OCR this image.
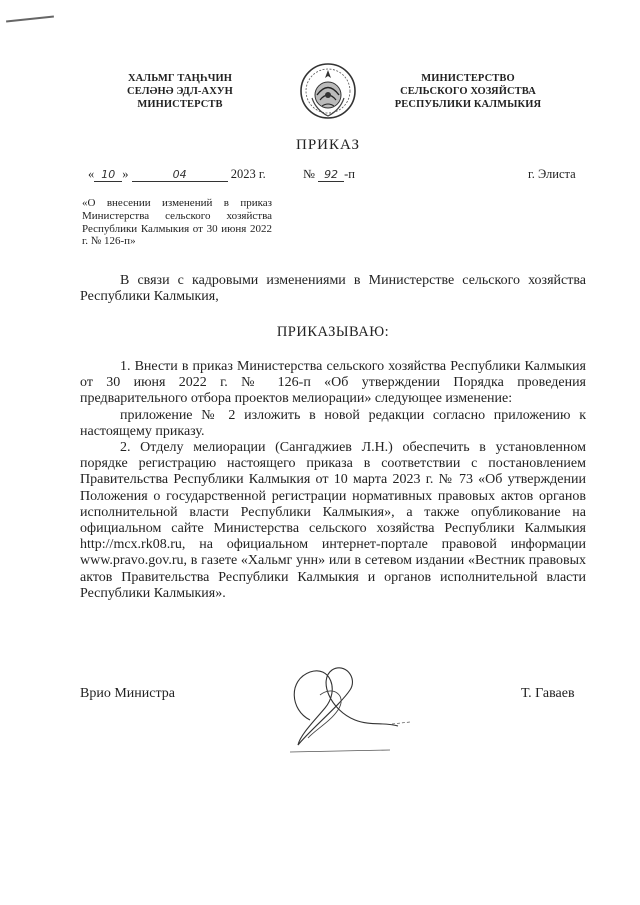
ХАЛЬМГ ТАҢҺЧИН
СЕЛӘНӘ ЭДЛ-АХУН
МИНИСТЕРСТВ
МИНИСТЕРСТВО
СЕЛЬСКОГО ХОЗЯЙСТВА
РЕСПУБЛИКИ КАЛМЫКИЯ
ПРИКАЗ
« 10 »	04	2023 г.	№ 92 -п	г. Элиста
«О внесении изменений в приказ Министерства сельского хозяйства Республики Калмыкия от 30 июня 2022 г. № 126-п»

В связи с кадровыми изменениями в Министерстве сельского хозяйства Республики Калмыкия,

ПРИКАЗЫВАЮ:

1. Внести в приказ Министерства сельского хозяйства Республики Калмыкия от 30 июня 2022 г. № 126-п «Об утверждении Порядка проведения предварительного отбора проектов мелиорации» следующее изменение:

приложение № 2 изложить в новой редакции согласно приложению к настоящему приказу.

2. Отделу мелиорации (Сангаджиев Л.Н.) обеспечить в установленном порядке регистрацию настоящего приказа в соответствии с постановлением Правительства Республики Калмыкия от 10 марта 2023 г. № 73 «Об утверждении Положения о государственной регистрации нормативных правовых актов органов исполнительной власти Республики Калмыкия», а также опубликование на официальном сайте Министерства сельского хозяйства Республики Калмыкия http://mcx.rk08.ru, на официальном интернет-портале правовой информации www.pravo.gov.ru, в газете «Хальмг унн» или в сетевом издании «Вестник правовых актов Правительства Республики Калмыкия и органов исполнительной власти Республики Калмыкия».

Врио Министра	Т. Гаваев
